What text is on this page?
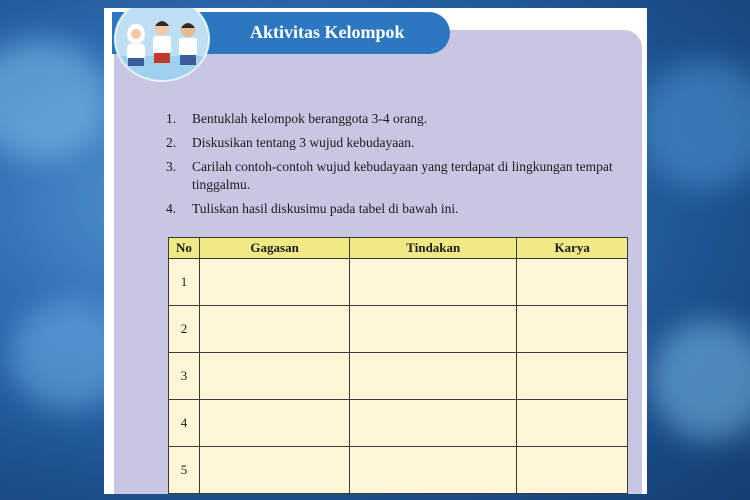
1. Bentuklah kelompok beranggota 3-4 orang.
2. Diskusikan tentang 3 wujud kebudayaan.
3. Carilah contoh-contoh wujud kebudayaan yang terdapat di lingkungan tempat tinggalmu.
4. Tuliskan hasil diskusimu pada tabel di bawah ini.
No	Gagasan	Tindakan	Karya
1			
2			
3			
4			
5			
Aktivitas Kelompok
